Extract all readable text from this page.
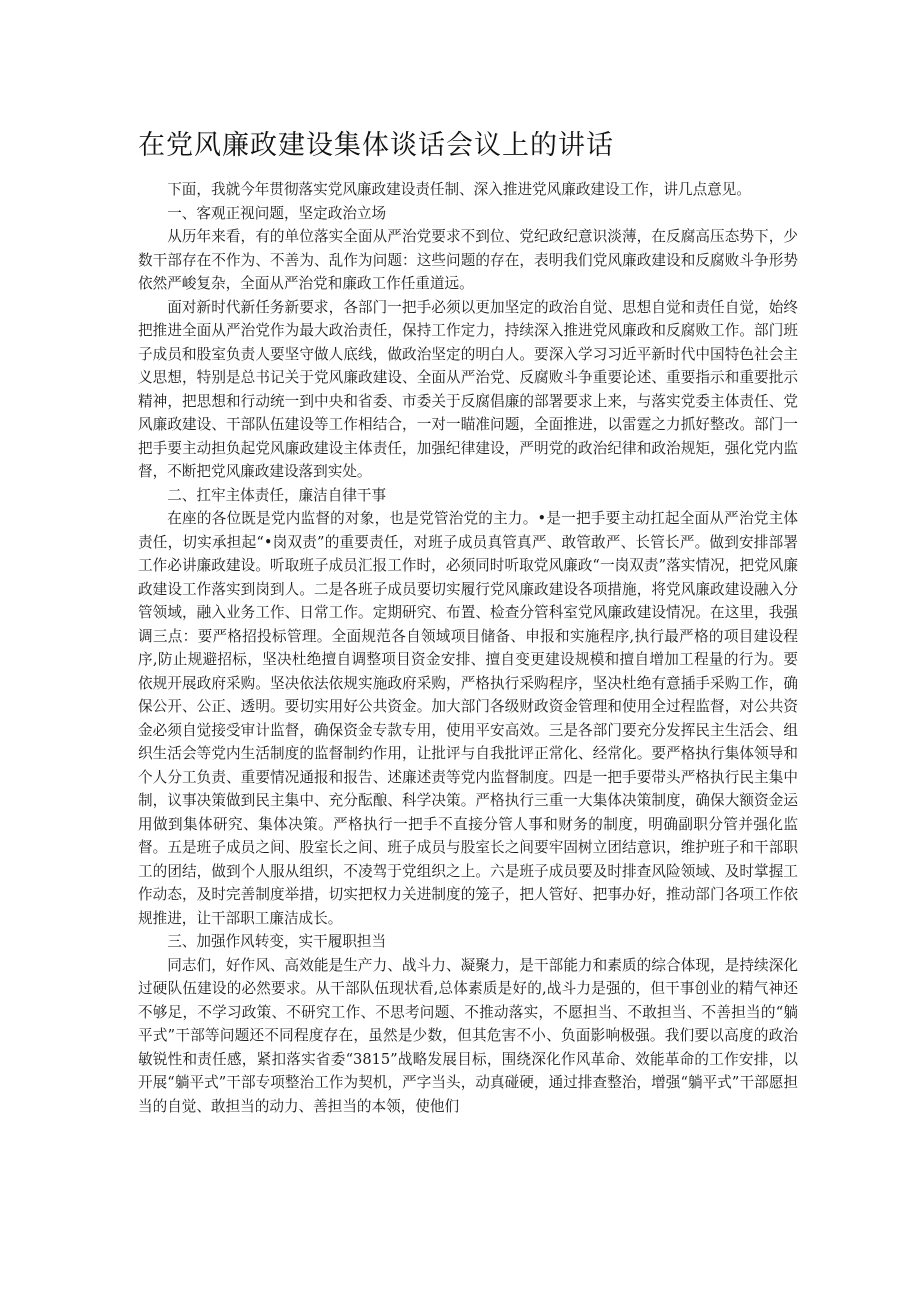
在党风廉政建设集体谈话会议上的讲话

下面，我就今年贯彻落实党风廉政建设责任制、深入推进党风廉政建设工作，讲几点意见。

一、客观正视问题，坚定政治立场

从历年来看，有的单位落实全面从严治党要求不到位、党纪政纪意识淡薄，在反腐高压态势下，少数干部存在不作为、不善为、乱作为问题：这些问题的存在，表明我们党风廉政建设和反腐败斗争形势依然严峻复杂，全面从严治党和廉政工作任重道远。

面对新时代新任务新要求，各部门一把手必须以更加坚定的政治自觉、思想自觉和责任自觉，始终把推进全面从严治党作为最大政治责任，保持工作定力，持续深入推进党风廉政和反腐败工作。部门班子成员和股室负责人要坚守做人底线，做政治坚定的明白人。要深入学习习近平新时代中国特色社会主义思想，特别是总书记关于党风廉政建设、全面从严治党、反腐败斗争重要论述、重要指示和重要批示精神，把思想和行动统一到中央和省委、市委关于反腐倡廉的部署要求上来，与落实党委主体责任、党风廉政建设、干部队伍建设等工作相结合，一对一瞄准问题，全面推进，以雷霆之力抓好整改。部门一把手要主动担负起党风廉政建设主体责任，加强纪律建设，严明党的政治纪律和政治规矩，强化党内监督，不断把党风廉政建设落到实处。

二、扛牢主体责任，廉洁自律干事

在座的各位既是党内监督的对象，也是党管治党的主力。•是一把手要主动扛起全面从严治党主体责任，切实承担起“•岗双责”的重要责任，对班子成员真管真严、敢管敢严、长管长严。做到安排部署工作必讲廉政建设。听取班子成员汇报工作时，必须同时听取党风廉政“一岗双责”落实情况，把党风廉政建设工作落实到岗到人。二是各班子成员要切实履行党风廉政建设各项措施，将党风廉政建设融入分管领域，融入业务工作、日常工作。定期研究、布置、检查分管科室党风廉政建设情况。在这里，我强调三点：要严格招投标管理。全面规范各自领域项目储备、申报和实施程序,执行最严格的项目建设程序,防止规避招标，坚决杜绝擅自调整项目资金安排、擅自变更建设规模和擅自增加工程量的行为。要依规开展政府采购。坚决依法依规实施政府采购，严格执行采购程序，坚决杜绝有意插手采购工作，确保公开、公正、透明。要切实用好公共资金。加大部门各级财政资金管理和使用全过程监督，对公共资金必须自觉接受审计监督，确保资金专款专用，使用平安高效。三是各部门要充分发挥民主生活会、组织生活会等党内生活制度的监督制约作用，让批评与自我批评正常化、经常化。要严格执行集体领导和个人分工负责、重要情况通报和报告、述廉述责等党内监督制度。四是一把手要带头严格执行民主集中制，议事决策做到民主集中、充分酝酿、科学决策。严格执行三重一大集体决策制度，确保大额资金运用做到集体研究、集体决策。严格执行一把手不直接分管人事和财务的制度，明确副职分管并强化监督。五是班子成员之间、股室长之间、班子成员与股室长之间要牢固树立团结意识，维护班子和干部职工的团结，做到个人服从组织，不凌驾于党组织之上。六是班子成员要及时排查风险领域、及时掌握工作动态，及时完善制度举措，切实把权力关进制度的笼子，把人管好、把事办好，推动部门各项工作依规推进，让干部职工廉洁成长。

三、加强作风转变，实干履职担当

同志们，好作风、高效能是生产力、战斗力、凝聚力，是干部能力和素质的综合体现，是持续深化过硬队伍建设的必然要求。从干部队伍现状看,总体素质是好的,战斗力是强的，但干事创业的精气神还不够足，不学习政策、不研究工作、不思考问题、不推动落实，不愿担当、不敢担当、不善担当的“躺平式”干部等问题还不同程度存在，虽然是少数，但其危害不小、负面影响极强。我们要以高度的政治敏锐性和责任感，紧扣落实省委“3815”战略发展目标，围绕深化作风革命、效能革命的工作安排，以开展“躺平式”干部专项整治工作为契机，严字当头，动真碰硬，通过排查整治，增强“躺平式”干部愿担当的自觉、敢担当的动力、善担当的本领，使他们
